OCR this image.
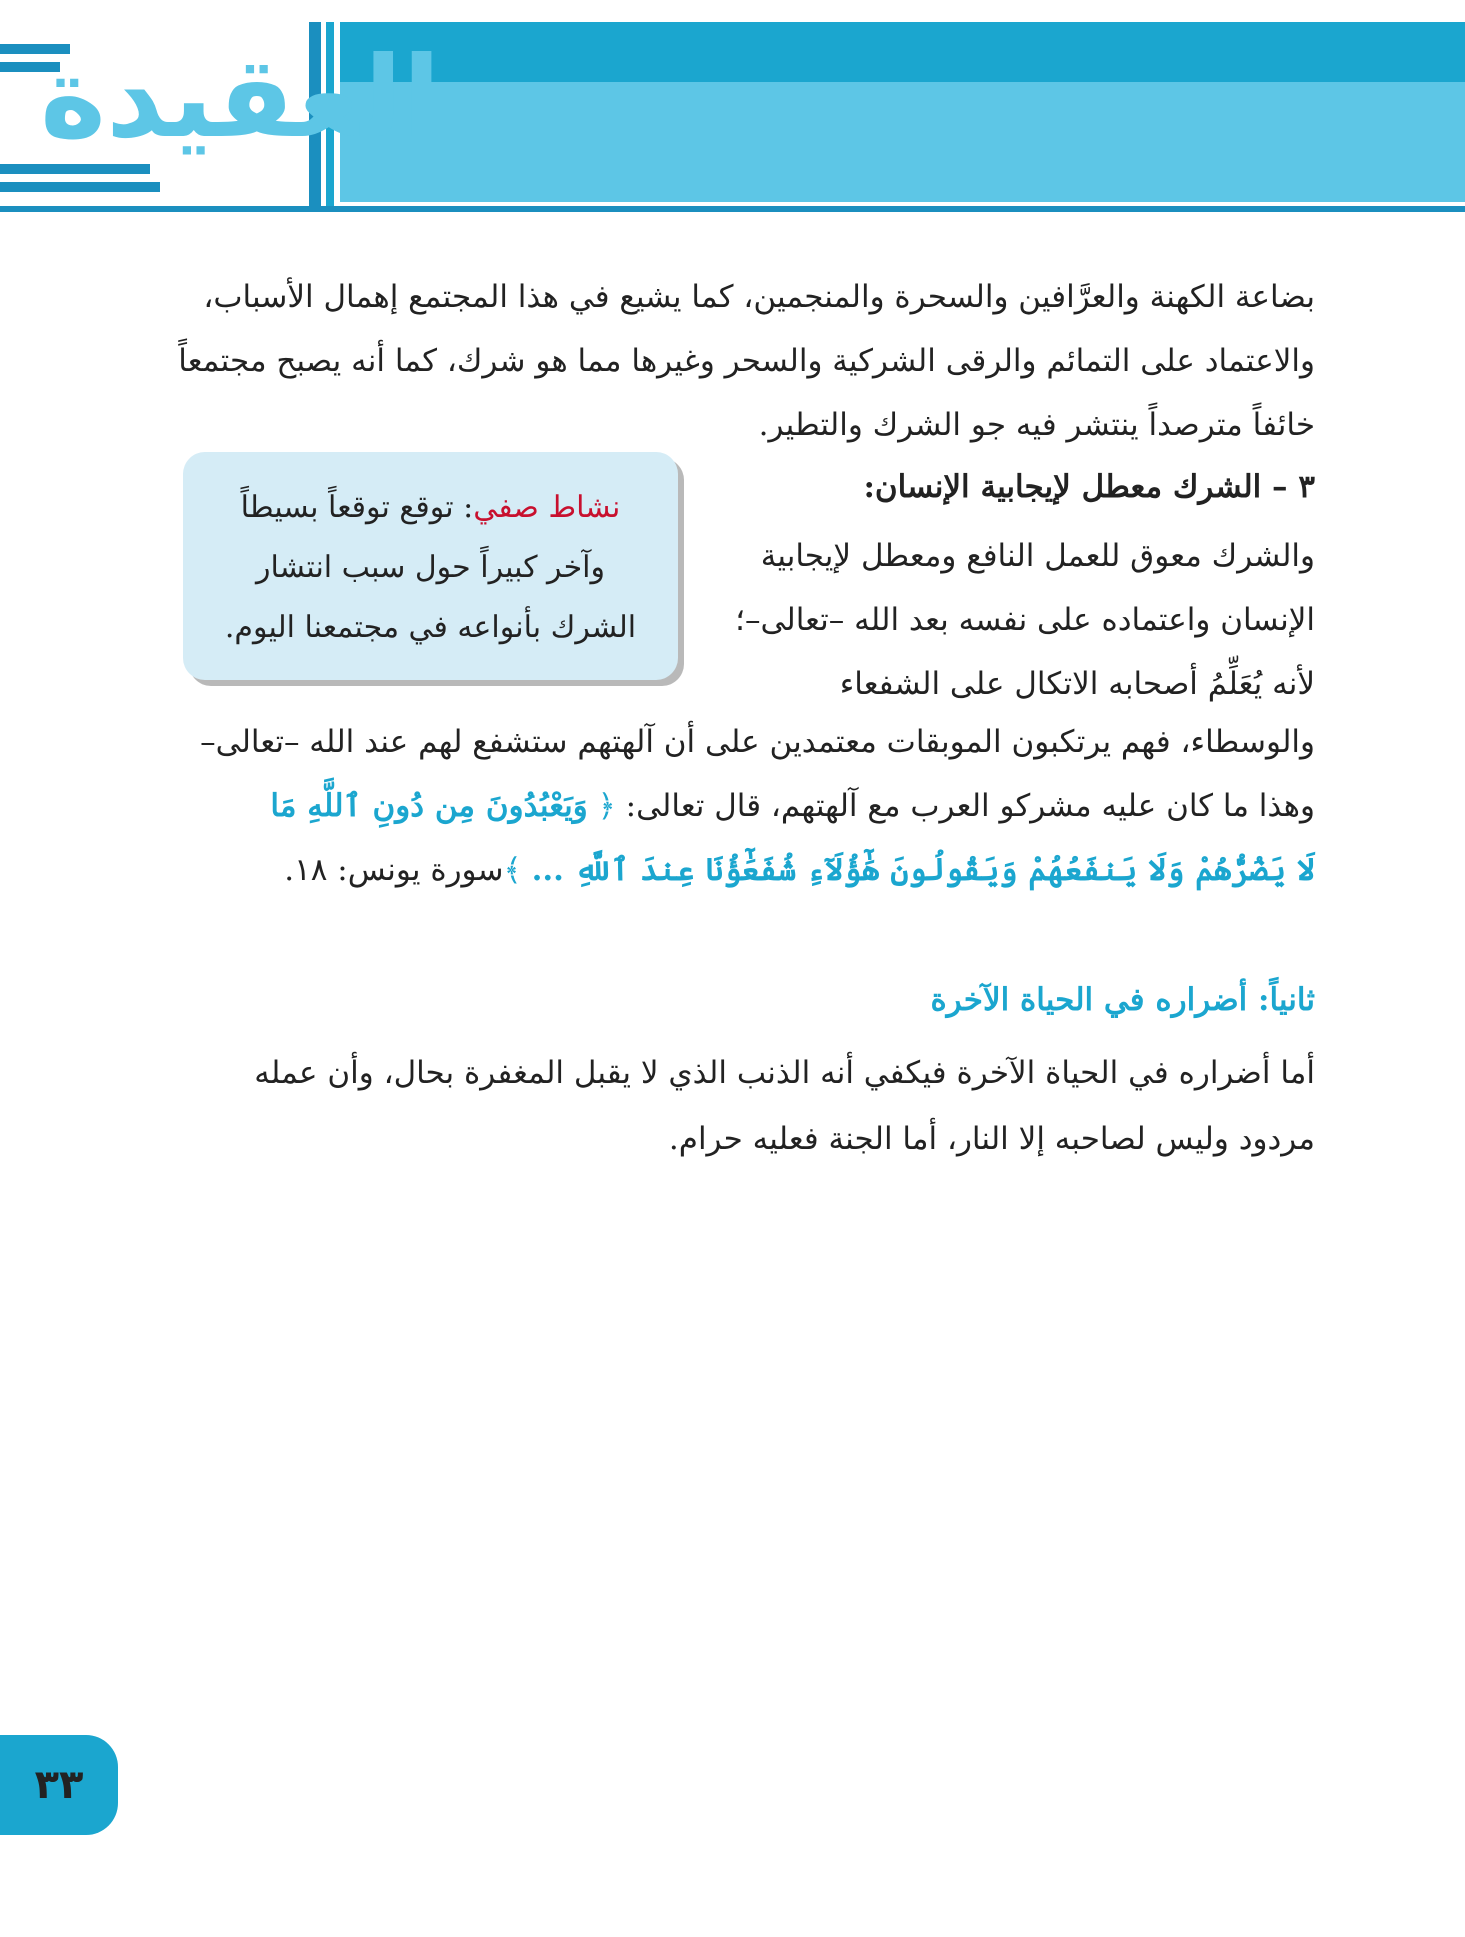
العقيدة
بضاعة الكهنة والعرَّافين والسحرة والمنجمين، كما يشيع في هذا المجتمع إهمال الأسباب،
والاعتماد على التمائم والرقى الشركية والسحر وغيرها مما هو شرك، كما أنه يصبح مجتمعاً
خائفاً مترصداً ينتشر فيه جو الشرك والتطير.
٣ – الشرك معطل لإيجابية الإنسان:
والشرك معوق للعمل النافع ومعطل لإيجابية
الإنسان واعتماده على نفسه بعد الله –تعالى–؛
لأنه يُعَلِّمُ أصحابه الاتكال على الشفعاء
نشاط صفي: توقع توقعاً بسيطاً
وآخر كبيراً حول سبب انتشار
الشرك بأنواعه في مجتمعنا اليوم.
والوسطاء، فهم يرتكبون الموبقات معتمدين على أن آلهتهم ستشفع لهم عند الله –تعالى–
وهذا ما كان عليه مشركو العرب مع آلهتهم، قال تعالى: ﴿ وَيَعْبُدُونَ مِن دُونِ ٱللَّهِ مَا
لَا يَضُرُّهُمْ وَلَا يَنفَعُهُمْ وَيَقُولُونَ هَٰٓؤُلَآءِ شُفَعَٰٓؤُنَا عِندَ ٱللَّهِ ... ﴾سورة يونس: ١٨.
ثانياً: أضراره في الحياة الآخرة
أما أضراره في الحياة الآخرة فيكفي أنه الذنب الذي لا يقبل المغفرة بحال، وأن عمله
مردود وليس لصاحبه إلا النار، أما الجنة فعليه حرام.
٣٣
